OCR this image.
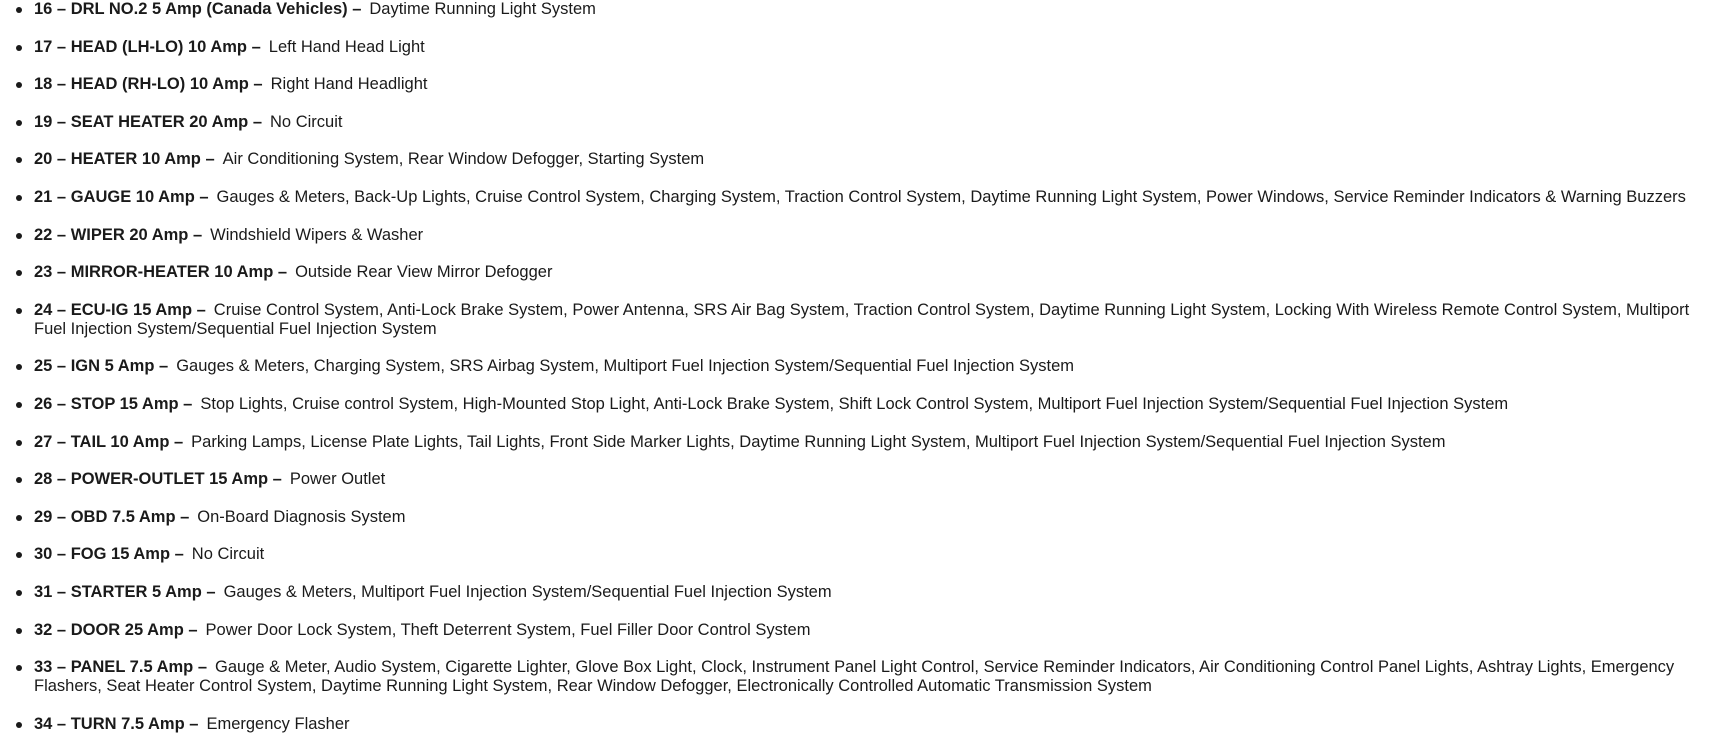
16 – DRL NO.2 5 Amp (Canada Vehicles) – Daytime Running Light System
17 – HEAD (LH-LO) 10 Amp – Left Hand Head Light
18 – HEAD (RH-LO) 10 Amp – Right Hand Headlight
19 – SEAT HEATER 20 Amp – No Circuit
20 – HEATER 10 Amp – Air Conditioning System, Rear Window Defogger, Starting System
21 – GAUGE 10 Amp – Gauges & Meters, Back-Up Lights, Cruise Control System, Charging System, Traction Control System, Daytime Running Light System, Power Windows, Service Reminder Indicators & Warning Buzzers
22 – WIPER 20 Amp – Windshield Wipers & Washer
23 – MIRROR-HEATER 10 Amp – Outside Rear View Mirror Defogger
24 – ECU-IG 15 Amp – Cruise Control System, Anti-Lock Brake System, Power Antenna, SRS Air Bag System, Traction Control System, Daytime Running Light System, Locking With Wireless Remote Control System, Multiport Fuel Injection System/Sequential Fuel Injection System
25 – IGN 5 Amp – Gauges & Meters, Charging System, SRS Airbag System, Multiport Fuel Injection System/Sequential Fuel Injection System
26 – STOP 15 Amp – Stop Lights, Cruise control System, High-Mounted Stop Light, Anti-Lock Brake System, Shift Lock Control System, Multiport Fuel Injection System/Sequential Fuel Injection System
27 – TAIL 10 Amp – Parking Lamps, License Plate Lights, Tail Lights, Front Side Marker Lights, Daytime Running Light System, Multiport Fuel Injection System/Sequential Fuel Injection System
28 – POWER-OUTLET 15 Amp – Power Outlet
29 – OBD 7.5 Amp – On-Board Diagnosis System
30 – FOG 15 Amp – No Circuit
31 – STARTER 5 Amp – Gauges & Meters, Multiport Fuel Injection System/Sequential Fuel Injection System
32 – DOOR 25 Amp – Power Door Lock System, Theft Deterrent System, Fuel Filler Door Control System
33 – PANEL 7.5 Amp – Gauge & Meter, Audio System, Cigarette Lighter, Glove Box Light, Clock, Instrument Panel Light Control, Service Reminder Indicators, Air Conditioning Control Panel Lights, Ashtray Lights, Emergency Flashers, Seat Heater Control System, Daytime Running Light System, Rear Window Defogger, Electronically Controlled Automatic Transmission System
34 – TURN 7.5 Amp – Emergency Flasher
